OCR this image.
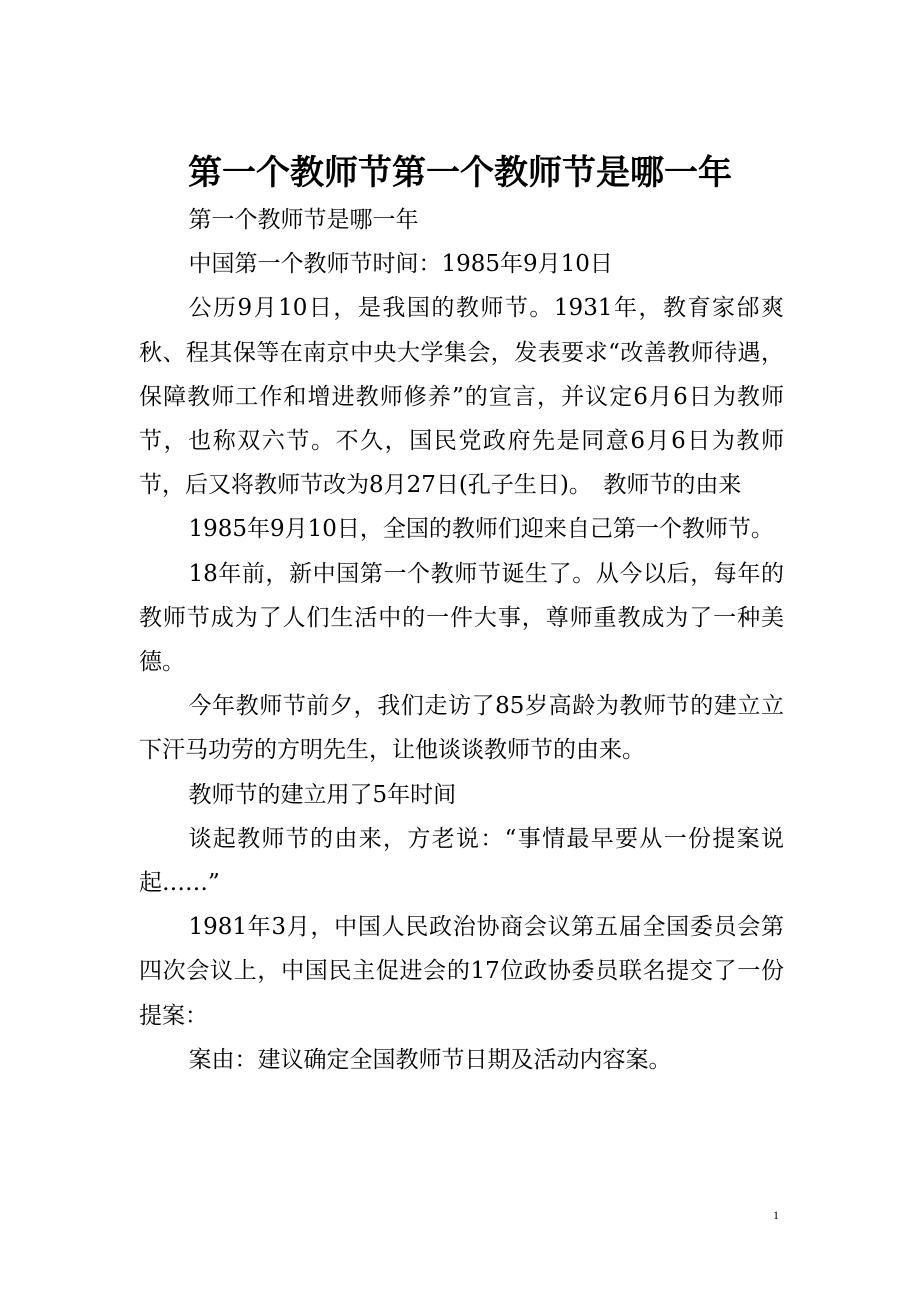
第一个教师节第一个教师节是哪一年

第一个教师节是哪一年

中国第一个教师节时间：1985年9月10日

公历9月10日，是我国的教师节。1931年，教育家邰爽秋、程其保等在南京中央大学集会，发表要求“改善教师待遇，保障教师工作和增进教师修养”的宣言，并议定6月6日为教师节，也称双六节。不久，国民党政府先是同意6月6日为教师节，后又将教师节改为8月27日(孔子生日)。　教师节的由来

1985年9月10日，全国的教师们迎来自己第一个教师节。

18年前，新中国第一个教师节诞生了。从今以后，每年的教师节成为了人们生活中的一件大事，尊师重教成为了一种美德。

今年教师节前夕，我们走访了85岁高龄为教师节的建立立下汗马功劳的方明先生，让他谈谈教师节的由来。

教师节的建立用了5年时间

谈起教师节的由来，方老说：“事情最早要从一份提案说起……”

1981年3月，中国人民政治协商会议第五届全国委员会第四次会议上，中国民主促进会的17位政协委员联名提交了一份提案：

案由：建议确定全国教师节日期及活动内容案。

1
